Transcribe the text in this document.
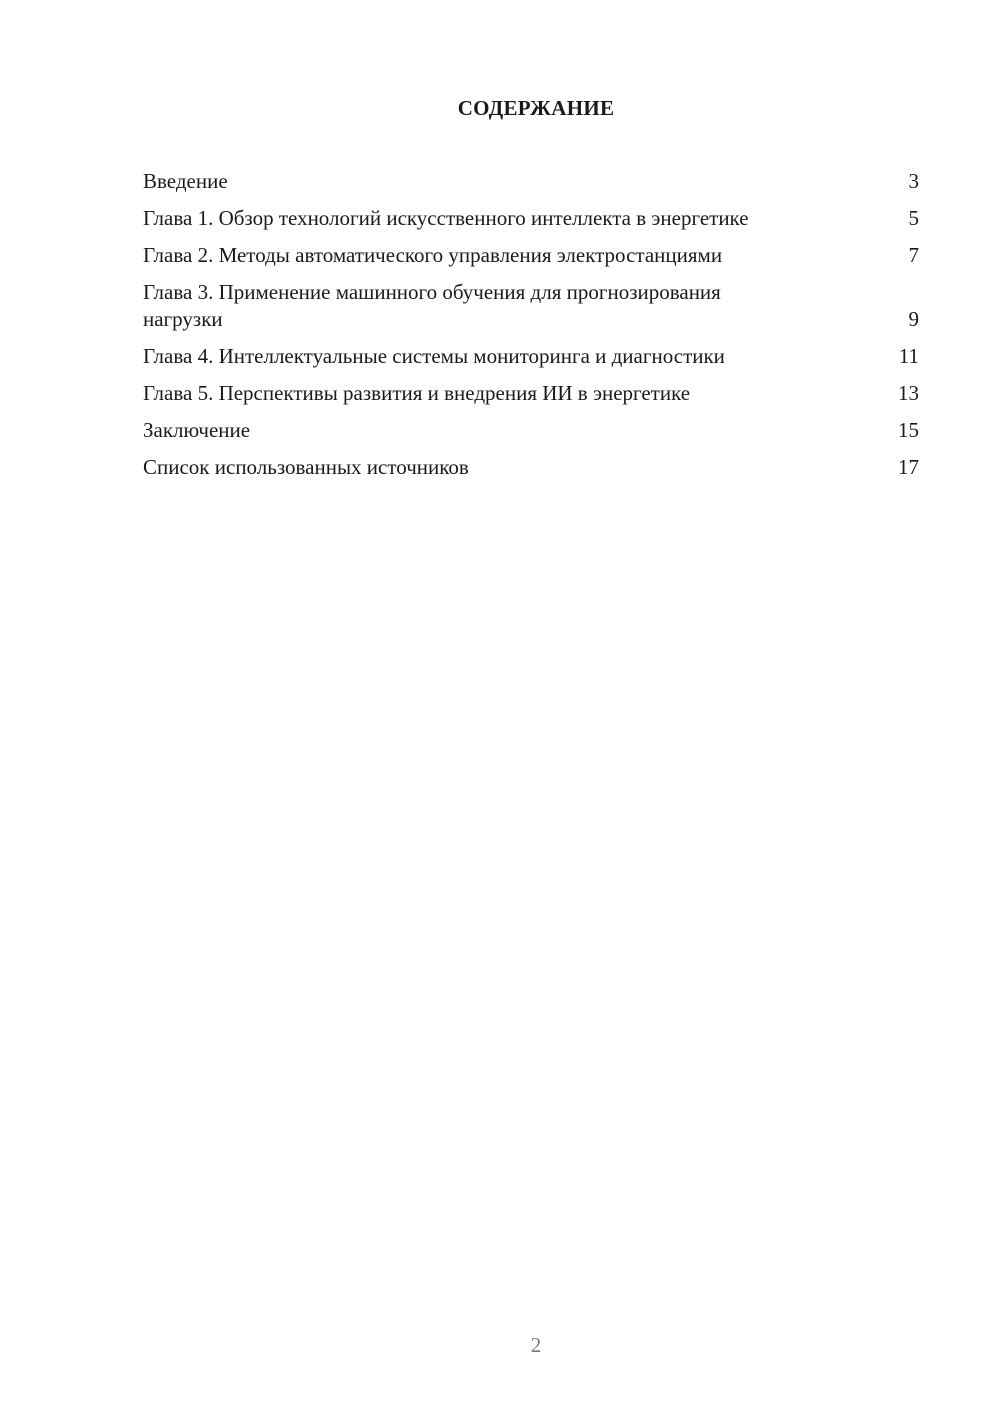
СОДЕРЖАНИЕ
Введение	3
Глава 1. Обзор технологий искусственного интеллекта в энергетике	5
Глава 2. Методы автоматического управления электростанциями	7
Глава 3. Применение машинного обучения для прогнозирования нагрузки	9
Глава 4. Интеллектуальные системы мониторинга и диагностики	11
Глава 5. Перспективы развития и внедрения ИИ в энергетике	13
Заключение	15
Список использованных источников	17
2
